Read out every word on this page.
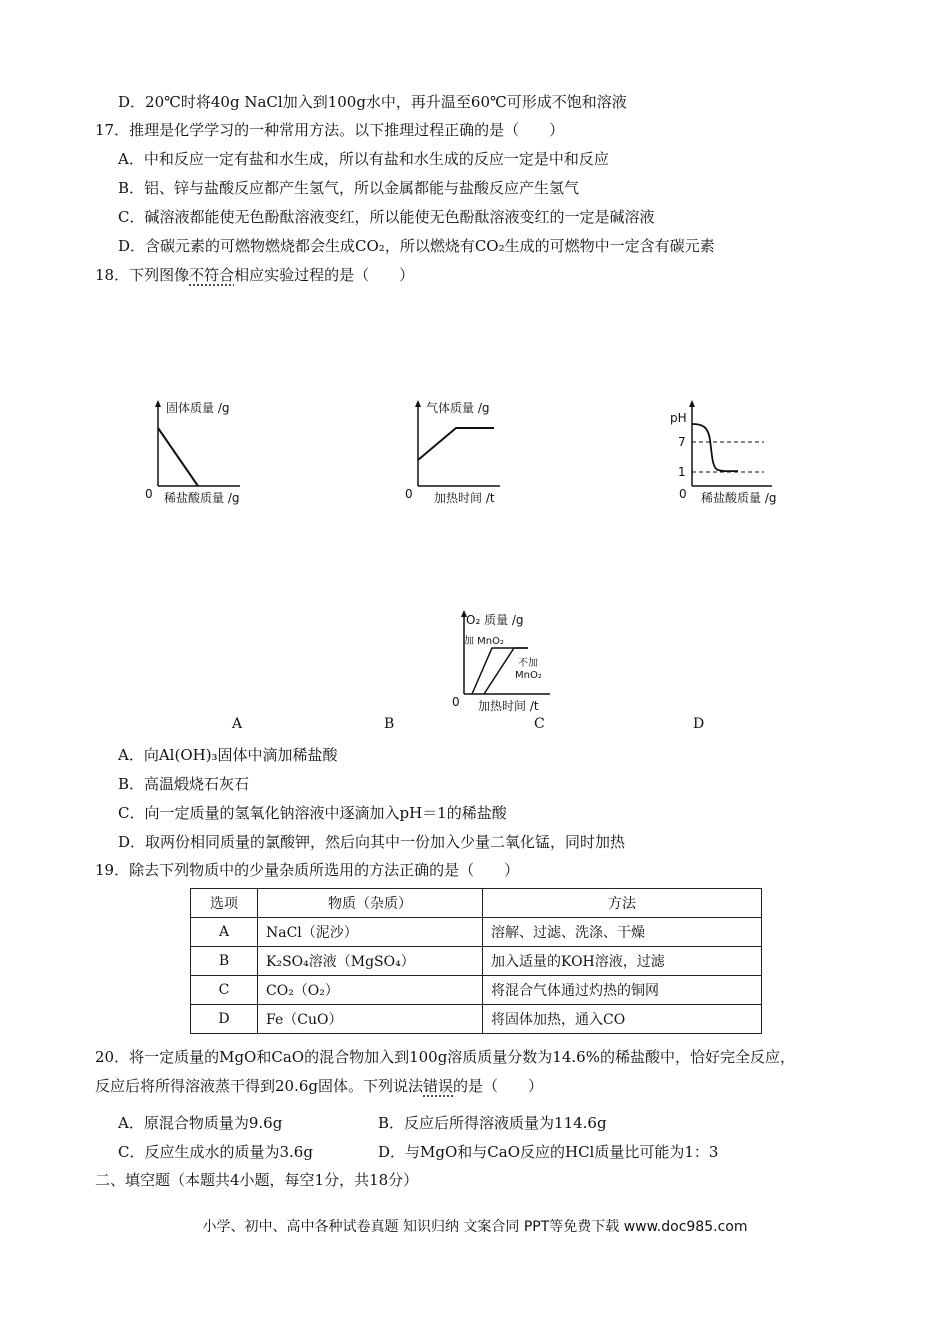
D．20℃时将40g NaCl加入到100g水中，再升温至60℃可形成不饱和溶液
17．推理是化学学习的一种常用方法。以下推理过程正确的是（　　）
A．中和反应一定有盐和水生成，所以有盐和水生成的反应一定是中和反应
B．铝、锌与盐酸反应都产生氢气，所以金属都能与盐酸反应产生氢气
C．碱溶液都能使无色酚酞溶液变红，所以能使无色酚酞溶液变红的一定是碱溶液
D．含碳元素的可燃物燃烧都会生成CO₂，所以燃烧有CO₂生成的可燃物中一定含有碳元素
18．下列图像不符合相应实验过程的是（　　）
固体质量 /g
0 稀盐酸质量 /g
气体质量 /g
0 加热时间 /t
pH
7
1
0 稀盐酸质量 /g
O₂ 质量 /g
加 MnO₂
不加
MnO₂
0 加热时间 /t
A	B	C	D
A．向Al(OH)₃固体中滴加稀盐酸
B．高温煅烧石灰石
C．向一定质量的氢氧化钠溶液中逐滴加入pH＝1的稀盐酸
D．取两份相同质量的氯酸钾，然后向其中一份加入少量二氧化锰，同时加热
19．除去下列物质中的少量杂质所选用的方法正确的是（　　）
选项	物质（杂质）	方法
A	NaCl（泥沙）	溶解、过滤、洗涤、干燥
B	K₂SO₄溶液（MgSO₄）	加入适量的KOH溶液，过滤
C	CO₂（O₂）	将混合气体通过灼热的铜网
D	Fe（CuO）	将固体加热，通入CO
20．将一定质量的MgO和CaO的混合物加入到100g溶质质量分数为14.6%的稀盐酸中，恰好完全反应，
反应后将所得溶液蒸干得到20.6g固体。下列说法错误的是（　　）
A．原混合物质量为9.6g	B．反应后所得溶液质量为114.6g
C．反应生成水的质量为3.6g	D．与MgO和与CaO反应的HCl质量比可能为1：3
二、填空题（本题共4小题，每空1分，共18分）
小学、初中、高中各种试卷真题 知识归纳 文案合同 PPT等免费下载 www.doc985.com
